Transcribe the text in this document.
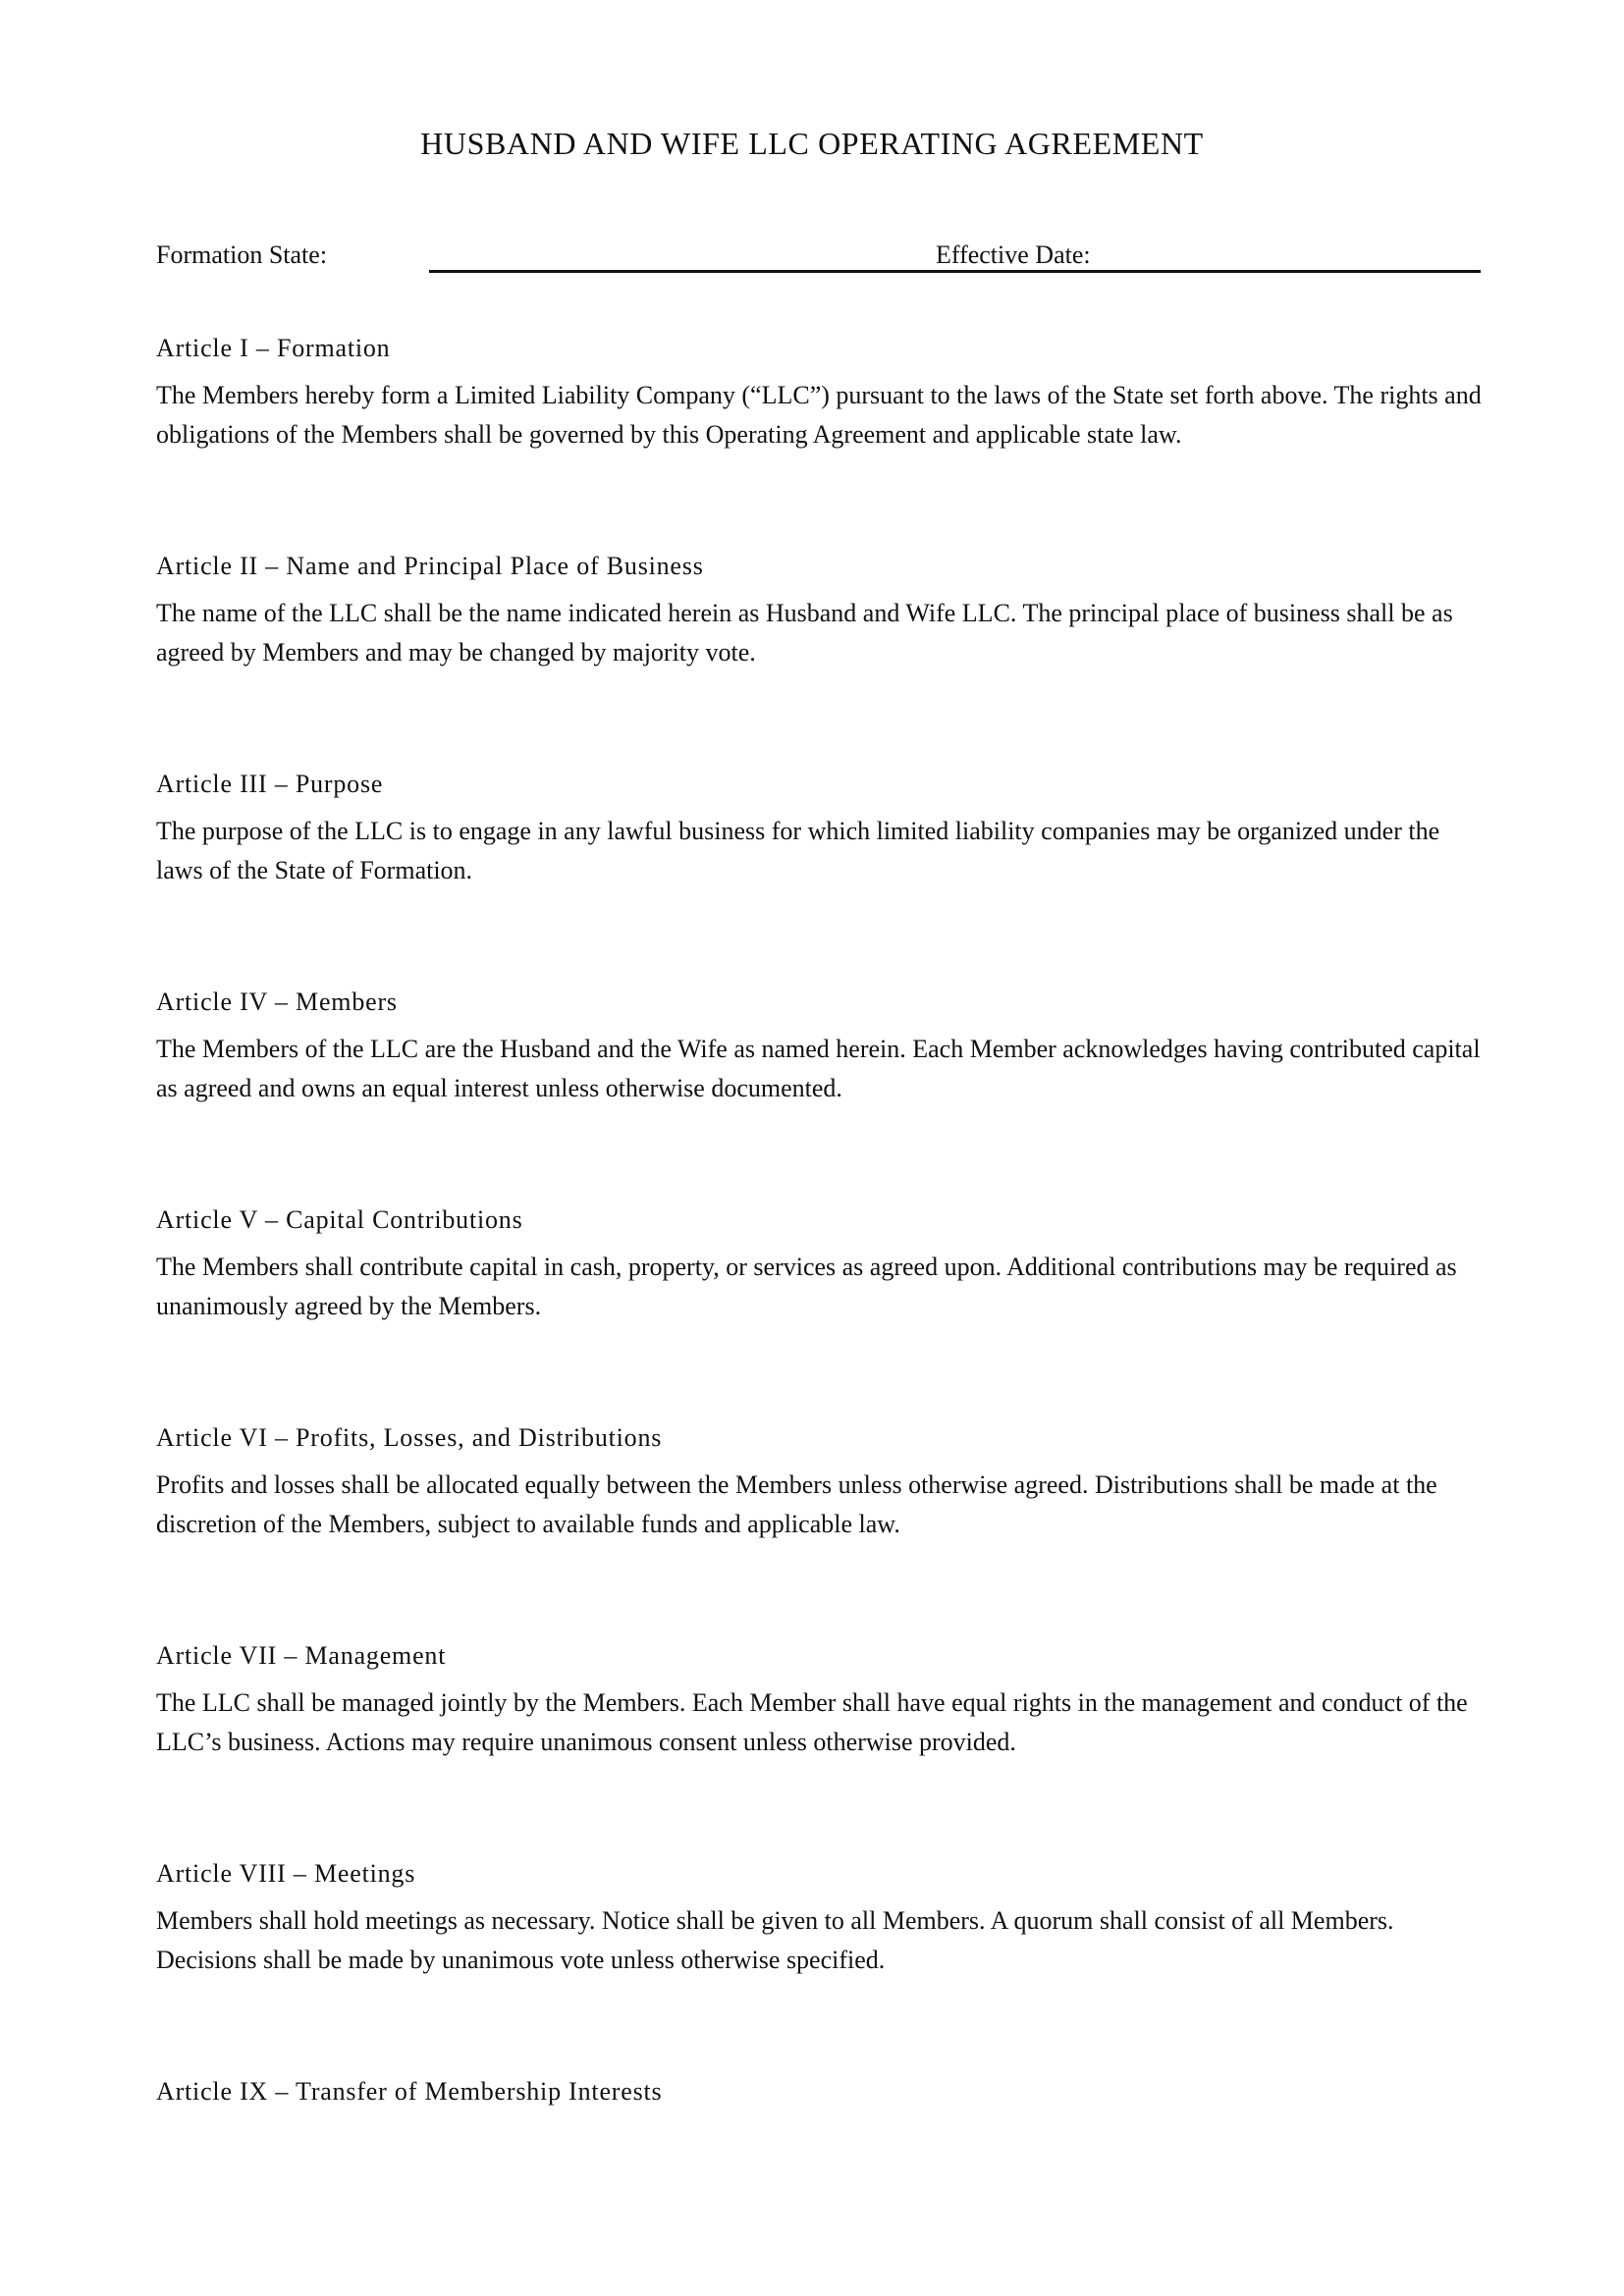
HUSBAND AND WIFE LLC OPERATING AGREEMENT
Formation State:	Effective Date:
Article I – Formation

The Members hereby form a Limited Liability Company (“LLC”) pursuant to the laws of the State set forth above. The rights and obligations of the Members shall be governed by this Operating Agreement and applicable state law.

Article II – Name and Principal Place of Business

The name of the LLC shall be the name indicated herein as Husband and Wife LLC. The principal place of business shall be as agreed by Members and may be changed by majority vote.

Article III – Purpose

The purpose of the LLC is to engage in any lawful business for which limited liability companies may be organized under the laws of the State of Formation.

Article IV – Members

The Members of the LLC are the Husband and the Wife as named herein. Each Member acknowledges having contributed capital as agreed and owns an equal interest unless otherwise documented.

Article V – Capital Contributions

The Members shall contribute capital in cash, property, or services as agreed upon. Additional contributions may be required as unanimously agreed by the Members.

Article VI – Profits, Losses, and Distributions

Profits and losses shall be allocated equally between the Members unless otherwise agreed. Distributions shall be made at the discretion of the Members, subject to available funds and applicable law.

Article VII – Management

The LLC shall be managed jointly by the Members. Each Member shall have equal rights in the management and conduct of the LLC’s business. Actions may require unanimous consent unless otherwise provided.

Article VIII – Meetings

Members shall hold meetings as necessary. Notice shall be given to all Members. A quorum shall consist of all Members. Decisions shall be made by unanimous vote unless otherwise specified.

Article IX – Transfer of Membership Interests
